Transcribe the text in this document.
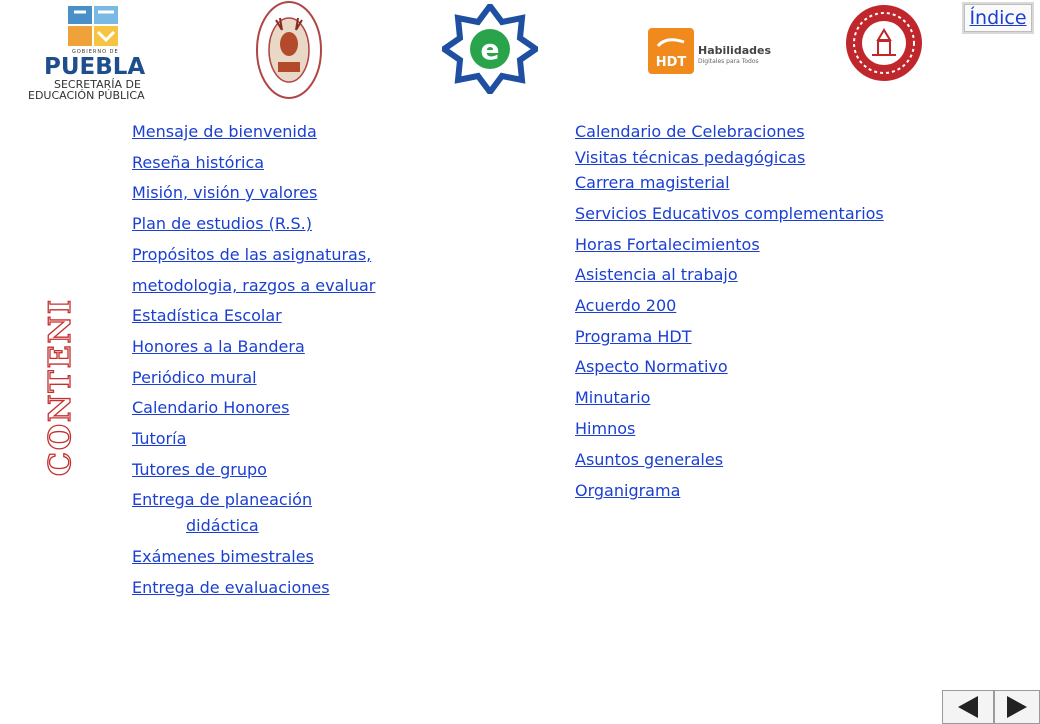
GOBIERNO DE
PUEBLA
SECRETARÍA DE
EDUCACIÓN PÚBLICA
e	HDT
Habilidades
Digitales para Todos
Índice
CONTENIDO
Mensaje de bienvenida
Reseña histórica
Misión, visión y valores
Plan de estudios (R.S.)
Propósitos de las asignaturas,
metodologia, razgos a evaluar
Estadística Escolar
Honores a la Bandera
Periódico mural
Calendario Honores
Tutoría
Tutores de grupo
Entrega de planeación
didáctica
Exámenes bimestrales
Entrega de evaluaciones
Calendario de Celebraciones
Visitas técnicas pedagógicas
Carrera magisterial
Servicios Educativos complementarios
Horas Fortalecimientos
Asistencia al trabajo
Acuerdo 200
Programa HDT
Aspecto Normativo
Minutario
Himnos
Asuntos generales
Organigrama
